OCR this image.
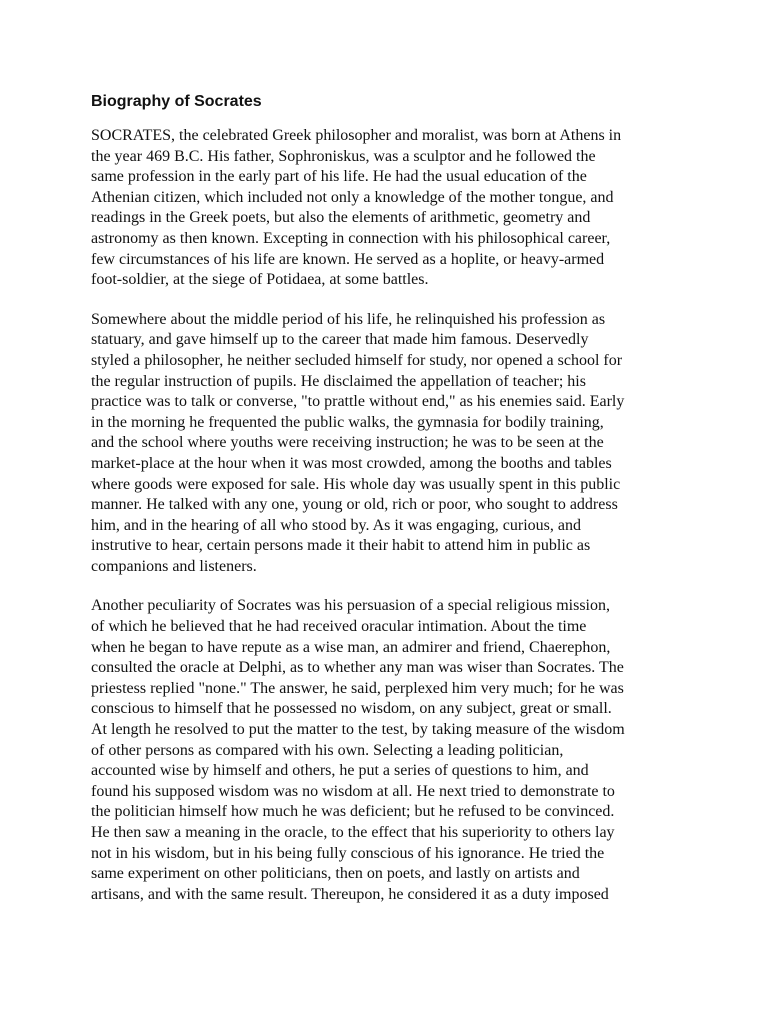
Biography of Socrates

SOCRATES, the celebrated Greek philosopher and moralist, was born at Athens in
the year 469 B.C. His father, Sophroniskus, was a sculptor and he followed the
same profession in the early part of his life. He had the usual education of the
Athenian citizen, which included not only a knowledge of the mother tongue, and
readings in the Greek poets, but also the elements of arithmetic, geometry and
astronomy as then known. Excepting in connection with his philosophical career,
few circumstances of his life are known. He served as a hoplite, or heavy-armed
foot-soldier, at the siege of Potidaea, at some battles.

Somewhere about the middle period of his life, he relinquished his profession as
statuary, and gave himself up to the career that made him famous. Deservedly
styled a philosopher, he neither secluded himself for study, nor opened a school for
the regular instruction of pupils. He disclaimed the appellation of teacher; his
practice was to talk or converse, "to prattle without end," as his enemies said. Early
in the morning he frequented the public walks, the gymnasia for bodily training,
and the school where youths were receiving instruction; he was to be seen at the
market-place at the hour when it was most crowded, among the booths and tables
where goods were exposed for sale. His whole day was usually spent in this public
manner. He talked with any one, young or old, rich or poor, who sought to address
him, and in the hearing of all who stood by. As it was engaging, curious, and
instrutive to hear, certain persons made it their habit to attend him in public as
companions and listeners.

Another peculiarity of Socrates was his persuasion of a special religious mission,
of which he believed that he had received oracular intimation. About the time
when he began to have repute as a wise man, an admirer and friend, Chaerephon,
consulted the oracle at Delphi, as to whether any man was wiser than Socrates. The
priestess replied "none." The answer, he said, perplexed him very much; for he was
conscious to himself that he possessed no wisdom, on any subject, great or small.
At length he resolved to put the matter to the test, by taking measure of the wisdom
of other persons as compared with his own. Selecting a leading politician,
accounted wise by himself and others, he put a series of questions to him, and
found his supposed wisdom was no wisdom at all. He next tried to demonstrate to
the politician himself how much he was deficient; but he refused to be convinced.
He then saw a meaning in the oracle, to the effect that his superiority to others lay
not in his wisdom, but in his being fully conscious of his ignorance. He tried the
same experiment on other politicians, then on poets, and lastly on artists and
artisans, and with the same result. Thereupon, he considered it as a duty imposed
